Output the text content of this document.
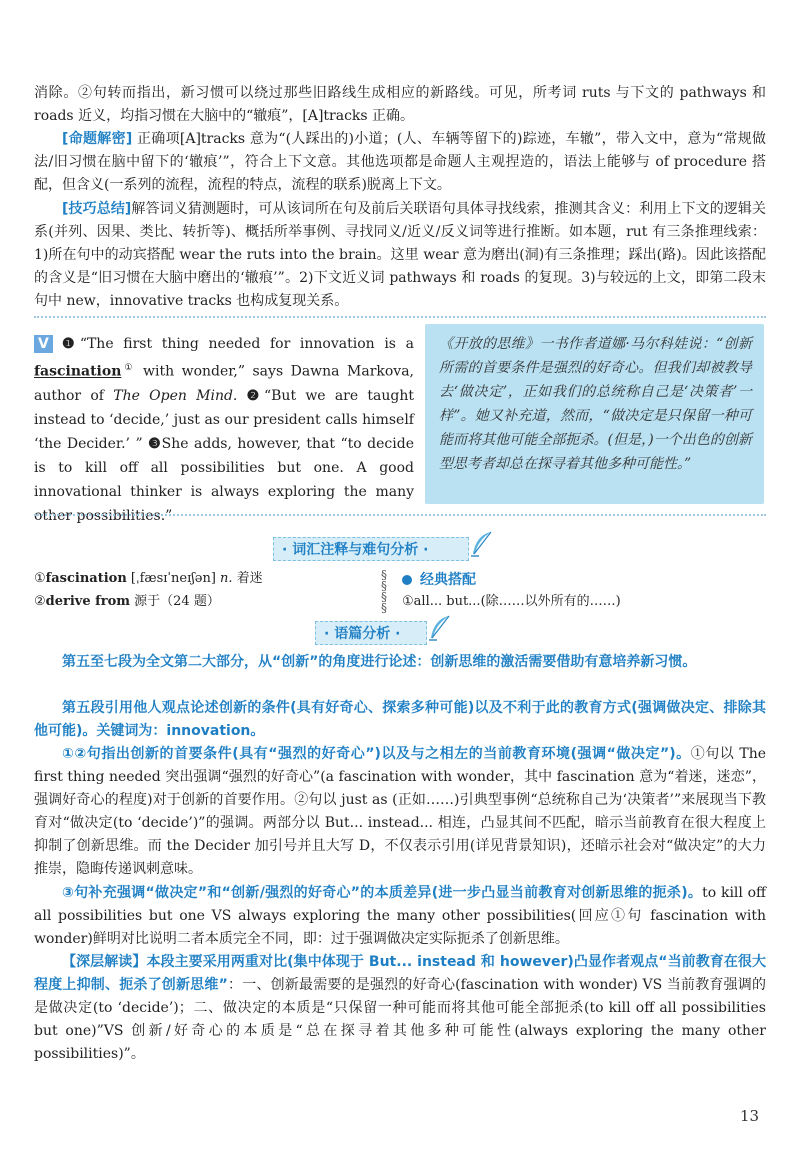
消除。②句转而指出，新习惯可以绕过那些旧路线生成相应的新路线。可见，所考词 ruts 与下文的 pathways 和 roads 近义，均指习惯在大脑中的“辙痕”，[A]tracks 正确。

[命题解密] 正确项[A]tracks 意为“(人踩出的)小道；(人、车辆等留下的)踪迹，车辙”，带入文中，意为“常规做法/旧习惯在脑中留下的‘辙痕’”，符合上下文意。其他选项都是命题人主观捏造的，语法上能够与 of procedure 搭配，但含义(一系列的流程，流程的特点，流程的联系)脱离上下文。

[技巧总结]解答词义猜测题时，可从该词所在句及前后关联语句具体寻找线索，推测其含义：利用上下文的逻辑关系(并列、因果、类比、转折等)、概括所举事例、寻找同义/近义/反义词等进行推断。如本题，rut 有三条推理线索：1)所在句中的动宾搭配 wear the ruts into the brain。这里 wear 意为磨出(洞)有三条推理；踩出(路)。因此该搭配的含义是“旧习惯在大脑中磨出的‘辙痕’”。2)下文近义词 pathways 和 roads 的复现。3)与较远的上文，即第二段末句中 new，innovative tracks 也构成复现关系。

V ❶“The first thing needed for innovation is a fascination① with wonder,” says Dawna Markova, author of The Open Mind. ❷“But we are taught instead to ‘decide,’ just as our president calls himself ‘the Decider.’ ” ❸She adds, however, that “to decide is to kill off all possibilities but one. A good innovational thinker is always exploring the many other possibilities.”
《开放的思维》一书作者道娜·马尔科娃说：“创新所需的首要条件是强烈的好奇心。但我们却被教导去‘做决定’，正如我们的总统称自己是‘决策者’一样”。她又补充道，然而，“做决定是只保留一种可能而将其他可能全部扼杀。(但是，)一个出色的创新型思考者却总在探寻着其他多种可能性。”
· 词汇注释与难句分析 ·
①fascination [ˌfæsɪˈneɪʃən] n. 着迷
②derive from 源于（24 题）
§
§
§
§
经典搭配
①all... but...(除……以外所有的……)
· 语篇分析 ·

第五至七段为全文第二大部分，从“创新”的角度进行论述：创新思维的激活需要借助有意培养新习惯。

第五段引用他人观点论述创新的条件(具有好奇心、探索多种可能)以及不利于此的教育方式(强调做决定、排除其他可能)。关键词为：innovation。

①②句指出创新的首要条件(具有“强烈的好奇心”)以及与之相左的当前教育环境(强调“做决定”)。①句以 The first thing needed 突出强调“强烈的好奇心”(a fascination with wonder，其中 fascination 意为“着迷，迷恋”，强调好奇心的程度)对于创新的首要作用。②句以 just as (正如……)引典型事例“总统称自己为‘决策者’”来展现当下教育对“做决定(to ‘decide’)”的强调。两部分以 But... instead... 相连，凸显其间不匹配，暗示当前教育在很大程度上抑制了创新思维。而 the Decider 加引号并且大写 D，不仅表示引用(详见背景知识)，还暗示社会对“做决定”的大力推崇，隐晦传递讽刺意味。

③句补充强调“做决定”和“创新/强烈的好奇心”的本质差异(进一步凸显当前教育对创新思维的扼杀)。to kill off all possibilities but one VS always exploring the many other possibilities(回应①句 fascination with wonder)鲜明对比说明二者本质完全不同，即：过于强调做决定实际扼杀了创新思维。

【深层解读】本段主要采用两重对比(集中体现于 But... instead 和 however)凸显作者观点“当前教育在很大程度上抑制、扼杀了创新思维”：一、创新最需要的是强烈的好奇心(fascination with wonder) VS 当前教育强调的是做决定(to ‘decide’)；二、做决定的本质是“只保留一种可能而将其他可能全部扼杀(to kill off all possibilities but one)”VS 创新/好奇心的本质是“总在探寻着其他多种可能性(always exploring the many other possibilities)”。

13
